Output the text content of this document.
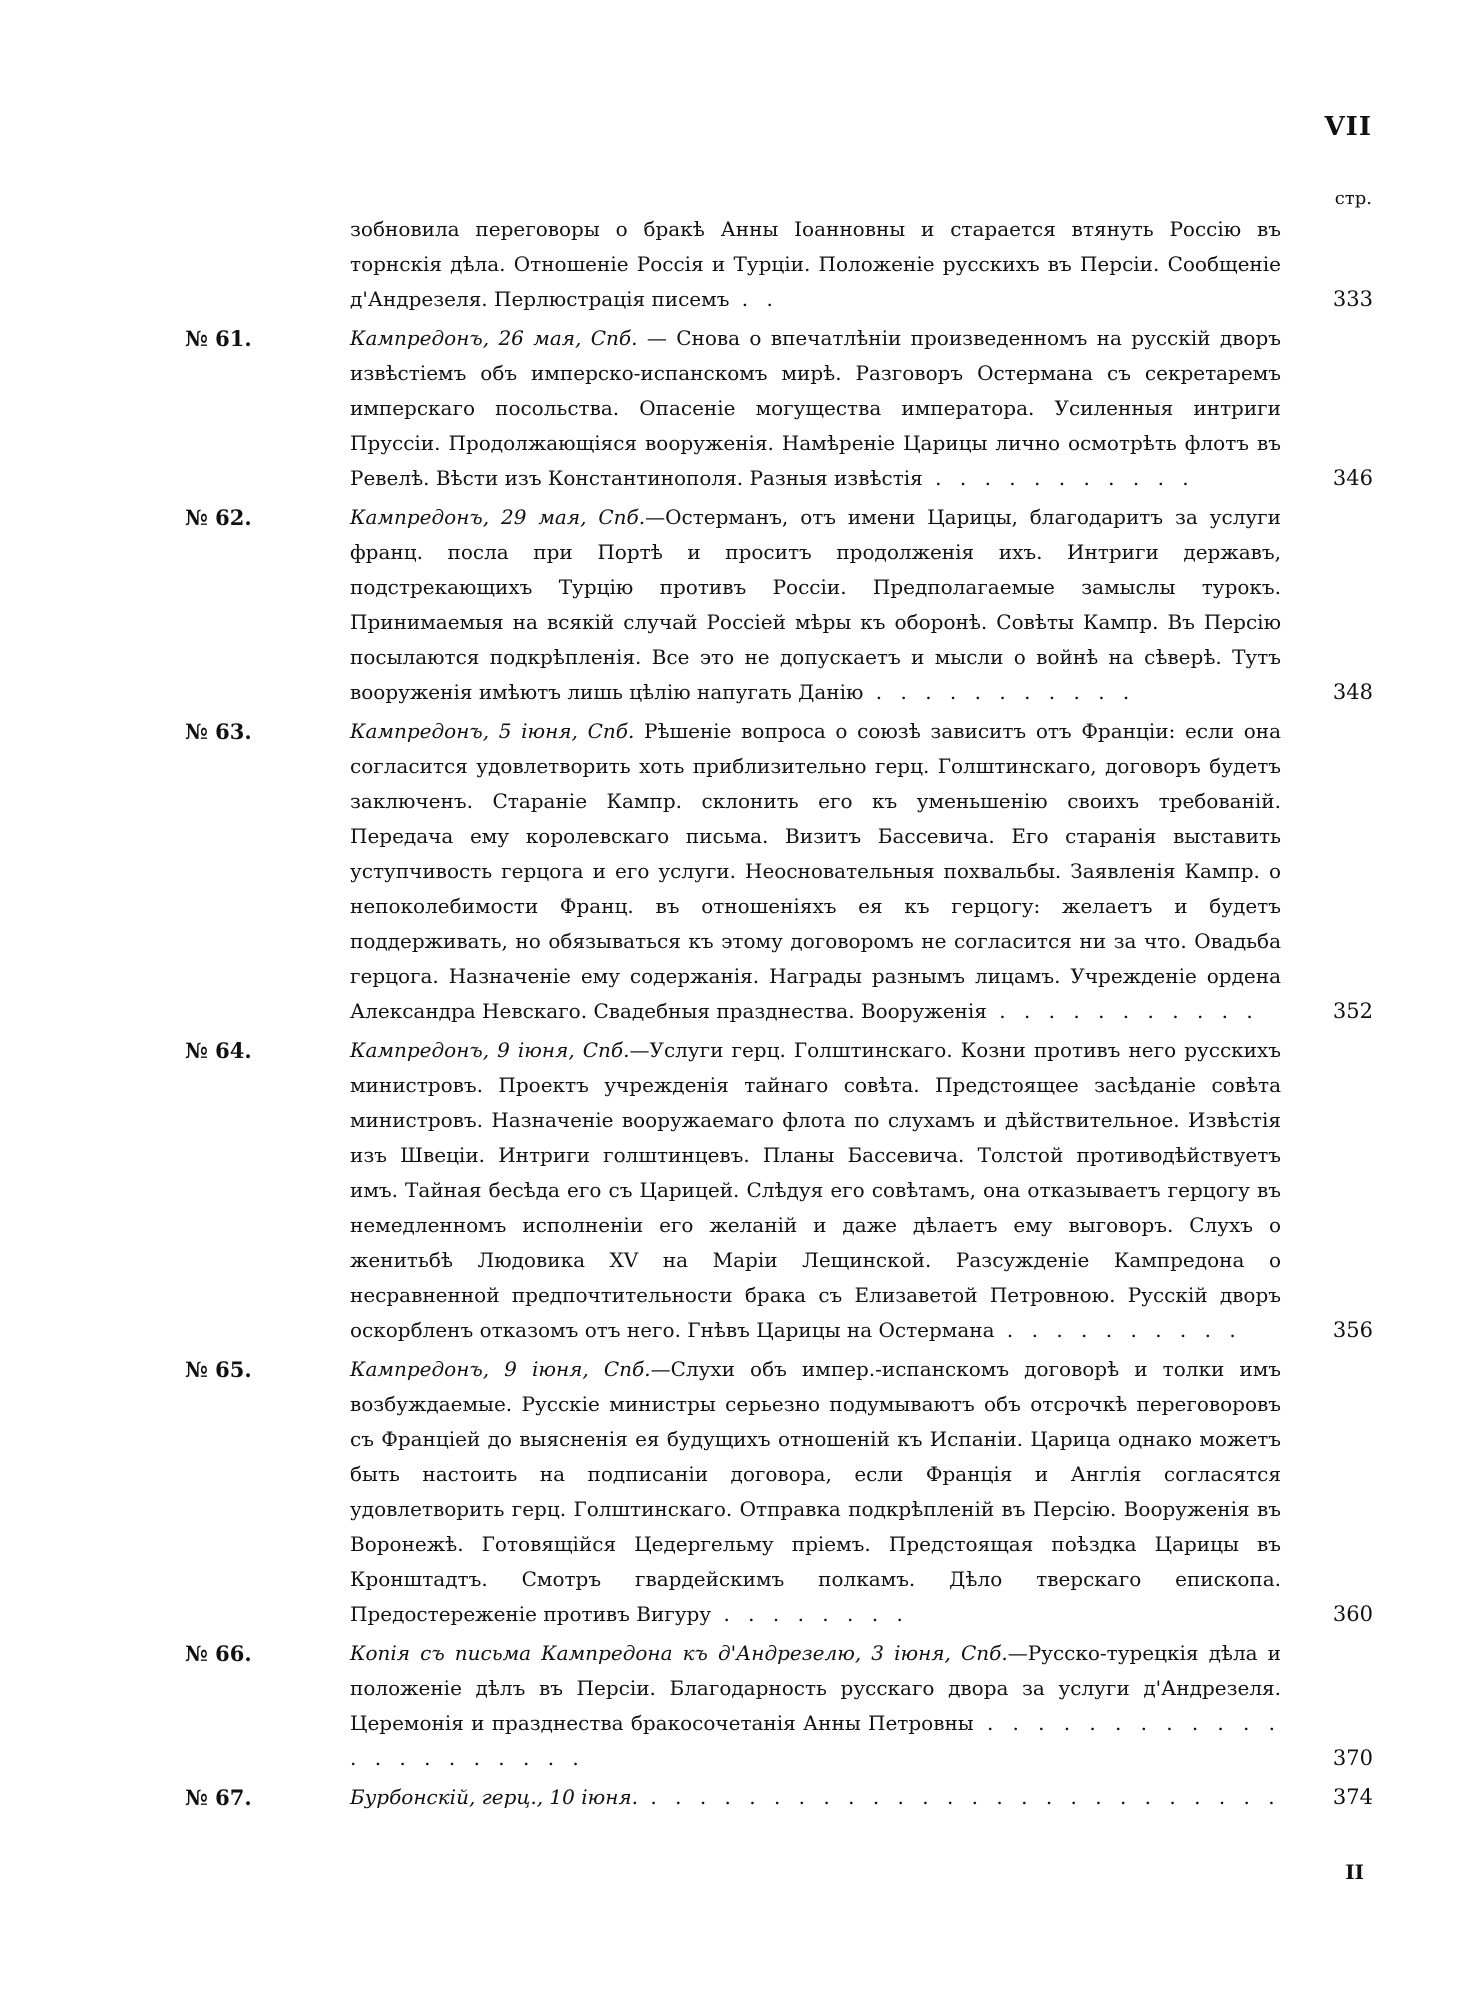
VII
стр.
зобновила переговоры о бракѣ Анны Іоанновны и старается втянуть Россію въ торнскія дѣла. Отношеніе Россія и Турціи. Положеніе русскихъ въ Персіи. Сообщеніе д'Андрезеля. Перлюстрація писемъ . .	333
№ 61.	Кампредонъ, 26 мая, Спб. — Снова о впечатлѣніи произведенномъ на русскій дворъ извѣстіемъ объ имперско-испанскомъ мирѣ. Разговоръ Остермана съ секретаремъ имперскаго посольства. Опасеніе могущества императора. Усиленныя интриги Пруссіи. Продолжающіяся вооруженія. Намѣреніе Царицы лично осмотрѣть флотъ въ Ревелѣ. Вѣсти изъ Константинополя. Разныя извѣстія . . . . . . . . . . .	346
№ 62.	Кампредонъ, 29 мая, Спб.—Остерманъ, отъ имени Царицы, благодаритъ за услуги франц. посла при Портѣ и проситъ продолженія ихъ. Интриги державъ, подстрекающихъ Турцію противъ Россіи. Предполагаемые замыслы турокъ. Принимаемыя на всякій случай Россіей мѣры къ оборонѣ. Совѣты Кампр. Въ Персію посылаются подкрѣпленія. Все это не допускаетъ и мысли о войнѣ на сѣверѣ. Тутъ вооруженія имѣютъ лишь цѣлію напугать Данію . . . . . . . . . . .	348
№ 63.	Кампредонъ, 5 іюня, Спб. Рѣшеніе вопроса о союзѣ зависитъ отъ Франціи: если она согласится удовлетворить хоть приблизительно герц. Голштинскаго, договоръ будетъ заключенъ. Стараніе Кампр. склонить его къ уменьшенію своихъ требованій. Передача ему королевскаго письма. Визитъ Бассевича. Его старанія выставить уступчивость герцога и его услуги. Неосновательныя похвальбы. Заявленія Кампр. о непоколебимости Франц. въ отношеніяхъ ея къ герцогу: желаетъ и будетъ поддерживать, но обязываться къ этому договоромъ не согласится ни за что. Овадьба герцога. Назначеніе ему содержанія. Награды разнымъ лицамъ. Учрежденіе ордена Александра Невскаго. Свадебныя празднества. Вооруженія . . . . . . . . . . .	352
№ 64.	Кампредонъ, 9 іюня, Спб.—Услуги герц. Голштинскаго. Козни противъ него русскихъ министровъ. Проектъ учрежденія тайнаго совѣта. Предстоящее засѣданіе совѣта министровъ. Назначеніе вооружаемаго флота по слухамъ и дѣйствительное. Извѣстія изъ Швеціи. Интриги голштинцевъ. Планы Бассевича. Толстой противодѣйствуетъ имъ. Тайная бесѣда его съ Царицей. Слѣдуя его совѣтамъ, она отказываетъ герцогу въ немедленномъ исполненіи его желаній и даже дѣлаетъ ему выговоръ. Слухъ о женитьбѣ Людовика XV на Маріи Лещинской. Разсужденіе Кампредона о несравненной предпочтительности брака съ Елизаветой Петровною. Русскій дворъ оскорбленъ отказомъ отъ него. Гнѣвъ Царицы на Остермана . . . . . . . . . .	356
№ 65.	Кампредонъ, 9 іюня, Спб.—Слухи объ импер.-испанскомъ договорѣ и толки имъ возбуждаемые. Русскіе министры серьезно подумываютъ объ отсрочкѣ переговоровъ съ Франціей до выясненія ея будущихъ отношеній къ Испаніи. Царица однако можетъ быть настоить на подписаніи договора, если Франція и Англія согласятся удовлетворить герц. Голштинскаго. Отправка подкрѣпленій въ Персію. Вооруженія въ Воронежѣ. Готовящійся Цедергельму пріемъ. Предстоящая поѣздка Царицы въ Кронштадтъ. Смотръ гвардейскимъ полкамъ. Дѣло тверскаго епископа. Предостереженіе противъ Вигуру . . . . . . . .	360
№ 66.	Копія съ письма Кампредона къ д'Андрезелю, 3 іюня, Спб.—Русско-турецкія дѣла и положеніе дѣлъ въ Персіи. Благодарность русскаго двора за услуги д'Андрезеля. Церемонія и празднества бракосочетанія Анны Петровны . . . . . . . . . . . . . . . . . . . . . .	370
№ 67.	Бурбонскій, герц., 10 іюня. . . . . . . . . . . . . . . . . . . . . . . . . . .	374
II
